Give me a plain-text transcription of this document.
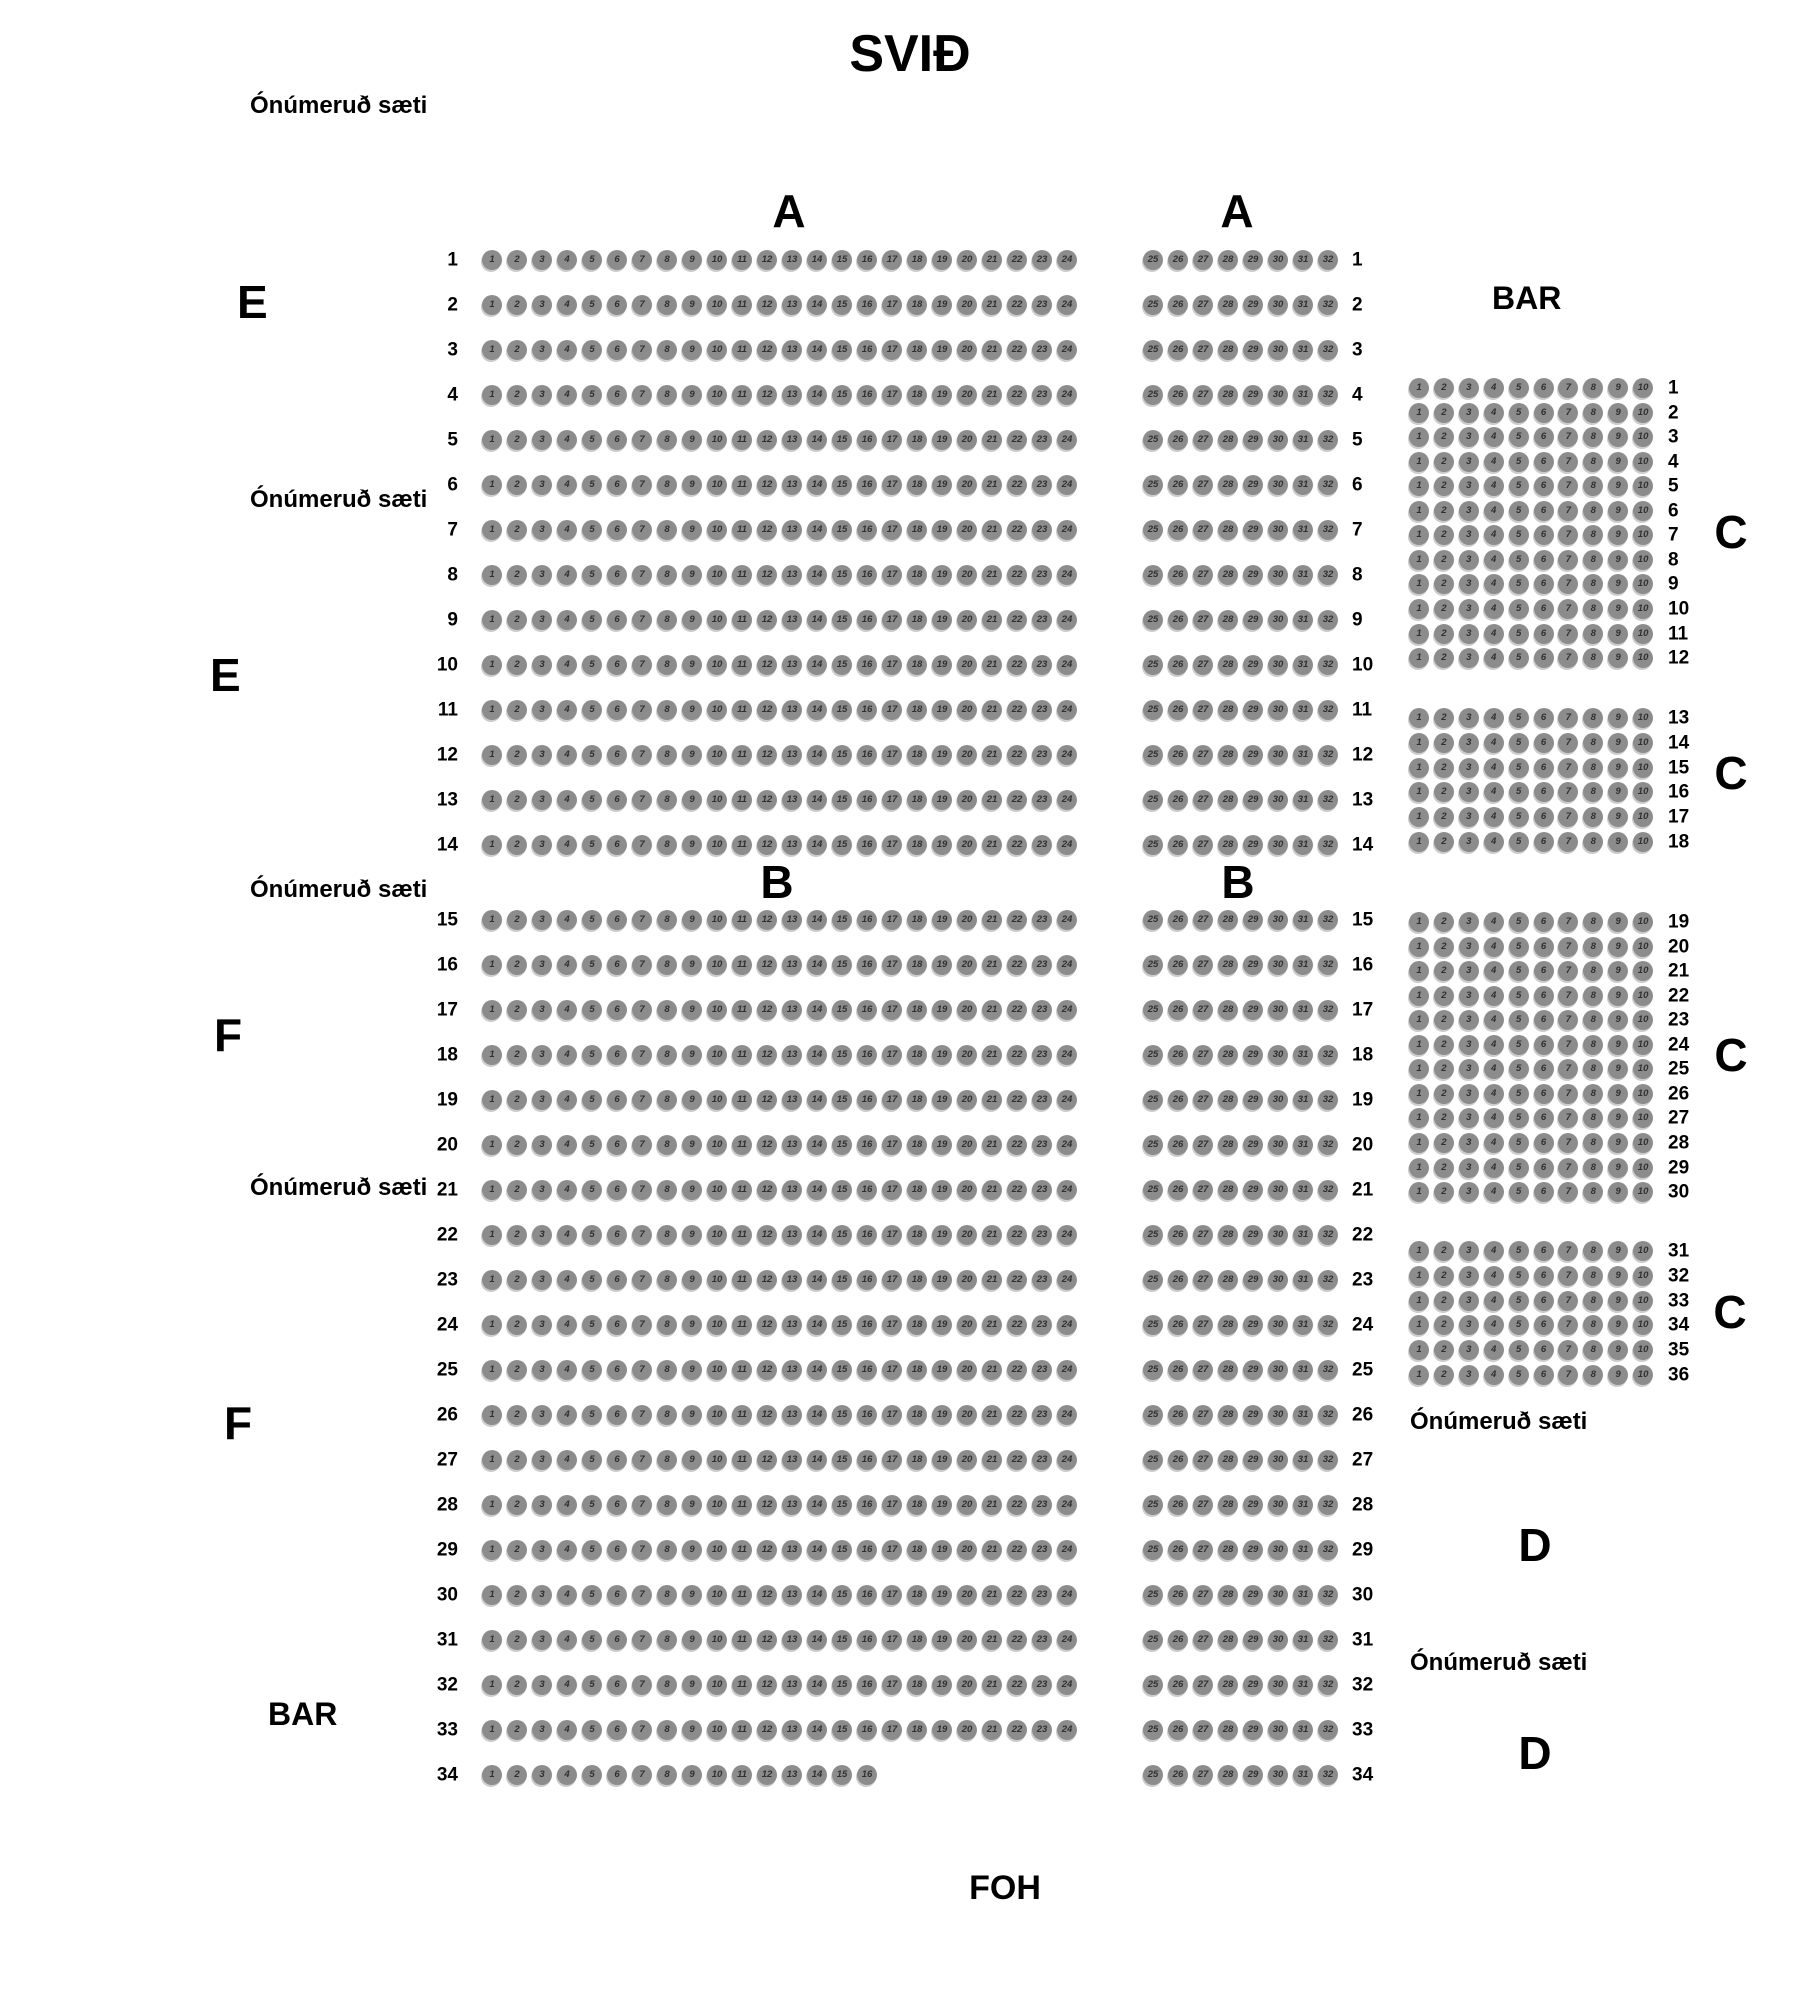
SVIÐ
FOH
1	1	2	3	4	5	6	7	8	9	10	11	12	13	14	15	16	17	18	19	20	21	22	23	24	25	26	27	28	29	30	31	32 1
2	1	2	3	4	5	6	7	8	9	10	11	12	13	14	15	16	17	18	19	20	21	22	23	24	25	26	27	28	29	30	31	32 2
3	1	2	3	4	5	6	7	8	9	10	11	12	13	14	15	16	17	18	19	20	21	22	23	24	25	26	27	28	29	30	31	32 3
4	1	2	3	4	5	6	7	8	9	10	11	12	13	14	15	16	17	18	19	20	21	22	23	24	25	26	27	28	29	30	31	32 4
5	1	2	3	4	5	6	7	8	9	10	11	12	13	14	15	16	17	18	19	20	21	22	23	24	25	26	27	28	29	30	31	32 5
6	1	2	3	4	5	6	7	8	9	10	11	12	13	14	15	16	17	18	19	20	21	22	23	24	25	26	27	28	29	30	31	32 6
7	1	2	3	4	5	6	7	8	9	10	11	12	13	14	15	16	17	18	19	20	21	22	23	24	25	26	27	28	29	30	31	32 7
8	1	2	3	4	5	6	7	8	9	10	11	12	13	14	15	16	17	18	19	20	21	22	23	24	25	26	27	28	29	30	31	32 8
9	1	2	3	4	5	6	7	8	9	10	11	12	13	14	15	16	17	18	19	20	21	22	23	24	25	26	27	28	29	30	31	32 9
10	1	2	3	4	5	6	7	8	9	10	11	12	13	14	15	16	17	18	19	20	21	22	23	24	25	26	27	28	29	30	31	32 10
11	1	2	3	4	5	6	7	8	9	10	11	12	13	14	15	16	17	18	19	20	21	22	23	24	25	26	27	28	29	30	31	32 11
12	1	2	3	4	5	6	7	8	9	10	11	12	13	14	15	16	17	18	19	20	21	22	23	24	25	26	27	28	29	30	31	32 12
13	1	2	3	4	5	6	7	8	9	10	11	12	13	14	15	16	17	18	19	20	21	22	23	24	25	26	27	28	29	30	31	32 13
14	1	2	3	4	5	6	7	8	9	10	11	12	13	14	15	16	17	18	19	20	21	22	23	24	25	26	27	28	29	30	31	32 14
15	1	2	3	4	5	6	7	8	9	10	11	12	13	14	15	16	17	18	19	20	21	22	23	24	25	26	27	28	29	30	31	32 15
16	1	2	3	4	5	6	7	8	9	10	11	12	13	14	15	16	17	18	19	20	21	22	23	24	25	26	27	28	29	30	31	32 16
17	1	2	3	4	5	6	7	8	9	10	11	12	13	14	15	16	17	18	19	20	21	22	23	24	25	26	27	28	29	30	31	32 17
18	1	2	3	4	5	6	7	8	9	10	11	12	13	14	15	16	17	18	19	20	21	22	23	24	25	26	27	28	29	30	31	32 18
19	1	2	3	4	5	6	7	8	9	10	11	12	13	14	15	16	17	18	19	20	21	22	23	24	25	26	27	28	29	30	31	32 19
20	1	2	3	4	5	6	7	8	9	10	11	12	13	14	15	16	17	18	19	20	21	22	23	24	25	26	27	28	29	30	31	32 20
21	1	2	3	4	5	6	7	8	9	10	11	12	13	14	15	16	17	18	19	20	21	22	23	24	25	26	27	28	29	30	31	32 21
22	1	2	3	4	5	6	7	8	9	10	11	12	13	14	15	16	17	18	19	20	21	22	23	24	25	26	27	28	29	30	31	32 22
23	1	2	3	4	5	6	7	8	9	10	11	12	13	14	15	16	17	18	19	20	21	22	23	24	25	26	27	28	29	30	31	32 23
24	1	2	3	4	5	6	7	8	9	10	11	12	13	14	15	16	17	18	19	20	21	22	23	24	25	26	27	28	29	30	31	32 24
25	1	2	3	4	5	6	7	8	9	10	11	12	13	14	15	16	17	18	19	20	21	22	23	24	25	26	27	28	29	30	31	32 25
26	1	2	3	4	5	6	7	8	9	10	11	12	13	14	15	16	17	18	19	20	21	22	23	24	25	26	27	28	29	30	31	32 26
27	1	2	3	4	5	6	7	8	9	10	11	12	13	14	15	16	17	18	19	20	21	22	23	24	25	26	27	28	29	30	31	32 27
28	1	2	3	4	5	6	7	8	9	10	11	12	13	14	15	16	17	18	19	20	21	22	23	24	25	26	27	28	29	30	31	32 28
29	1	2	3	4	5	6	7	8	9	10	11	12	13	14	15	16	17	18	19	20	21	22	23	24	25	26	27	28	29	30	31	32 29
30	1	2	3	4	5	6	7	8	9	10	11	12	13	14	15	16	17	18	19	20	21	22	23	24	25	26	27	28	29	30	31	32 30
31	1	2	3	4	5	6	7	8	9	10	11	12	13	14	15	16	17	18	19	20	21	22	23	24	25	26	27	28	29	30	31	32 31
32	1	2	3	4	5	6	7	8	9	10	11	12	13	14	15	16	17	18	19	20	21	22	23	24	25	26	27	28	29	30	31	32 32
33	1	2	3	4	5	6	7	8	9	10	11	12	13	14	15	16	17	18	19	20	21	22	23	24	25	26	27	28	29	30	31	32 33
34	1	2	3	4	5	6	7	8	9	10	11	12	13	14	15	16	25	26	27	28	29	30	31	32 34
1	2	3	4	5	6	7	8	9	10 1
1	2	3	4	5	6	7	8	9	10 2
1	2	3	4	5	6	7	8	9	10 3
1	2	3	4	5	6	7	8	9	10 4
1	2	3	4	5	6	7	8	9	10 5
1	2	3	4	5	6	7	8	9	10 6
1	2	3	4	5	6	7	8	9	10 7
1	2	3	4	5	6	7	8	9	10 8
1	2	3	4	5	6	7	8	9	10 9
1	2	3	4	5	6	7	8	9	10 10
1	2	3	4	5	6	7	8	9	10 11
1	2	3	4	5	6	7	8	9	10 12
1	2	3	4	5	6	7	8	9	10 13
1	2	3	4	5	6	7	8	9	10 14
1	2	3	4	5	6	7	8	9	10 15
1	2	3	4	5	6	7	8	9	10 16
1	2	3	4	5	6	7	8	9	10 17
1	2	3	4	5	6	7	8	9	10 18
1	2	3	4	5	6	7	8	9	10 19
1	2	3	4	5	6	7	8	9	10 20
1	2	3	4	5	6	7	8	9	10 21
1	2	3	4	5	6	7	8	9	10 22
1	2	3	4	5	6	7	8	9	10 23
1	2	3	4	5	6	7	8	9	10 24
1	2	3	4	5	6	7	8	9	10 25
1	2	3	4	5	6	7	8	9	10 26
1	2	3	4	5	6	7	8	9	10 27
1	2	3	4	5	6	7	8	9	10 28
1	2	3	4	5	6	7	8	9	10 29
1	2	3	4	5	6	7	8	9	10 30
1	2	3	4	5	6	7	8	9	10 31
1	2	3	4	5	6	7	8	9	10 32
1	2	3	4	5	6	7	8	9	10 33
1	2	3	4	5	6	7	8	9	10 34
1	2	3	4	5	6	7	8	9	10 35
1	2	3	4	5	6	7	8	9	10 36
Ónúmeruð sæti
E
Ónúmeruð sæti
E
Ónúmeruð sæti
F
Ónúmeruð sæti
F
BAR
BAR
A	A
B	B
C
C
C
C
Ónúmeruð sæti
D
Ónúmeruð sæti
D
